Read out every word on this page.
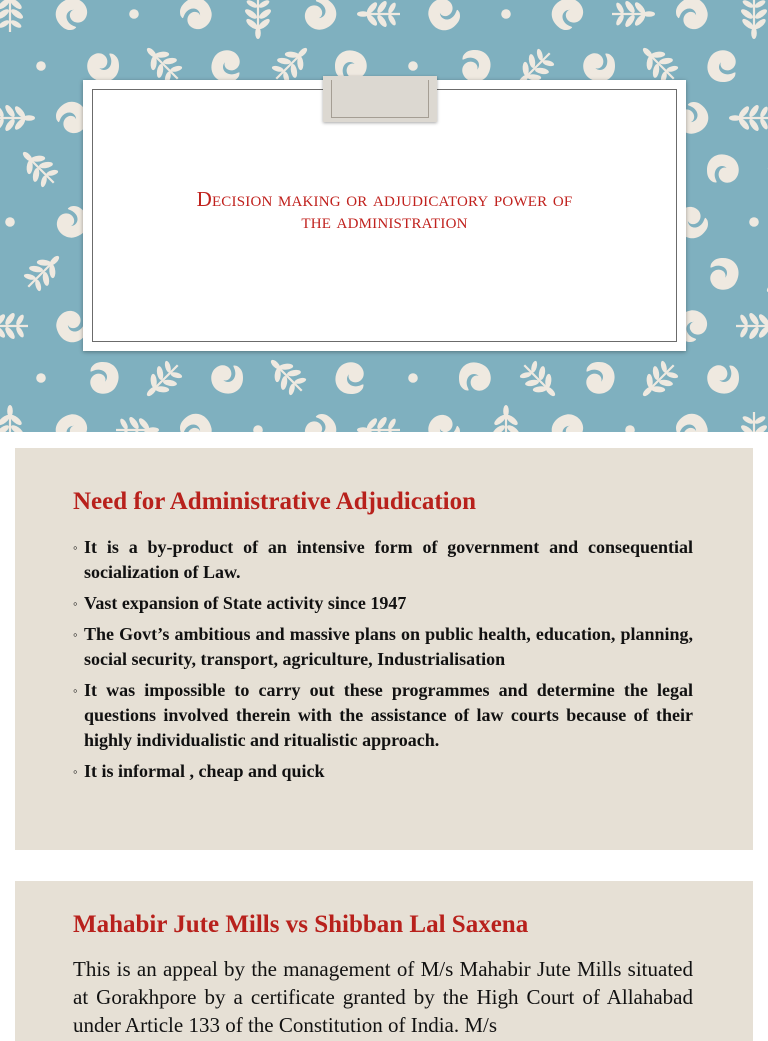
Decision making or adjudicatory power of
the administration
Need for Administrative Adjudication
◦ It is a by-product of an intensive form of government and consequential socialization of Law.
◦ Vast expansion of State activity since 1947
◦ The Govt’s ambitious and massive plans on public health, education, planning, social security, transport, agriculture, Industrialisation
◦ It was impossible to carry out these programmes and determine the legal questions involved therein with the assistance of law courts because of their highly individualistic and ritualistic approach.
◦ It is informal , cheap and quick
Mahabir Jute Mills vs Shibban Lal Saxena
This is an appeal by the management of M/s Mahabir Jute Mills situated at Gorakhpore by a certificate granted by the High Court of Allahabad under Article 133 of the Constitution of India. M/s
